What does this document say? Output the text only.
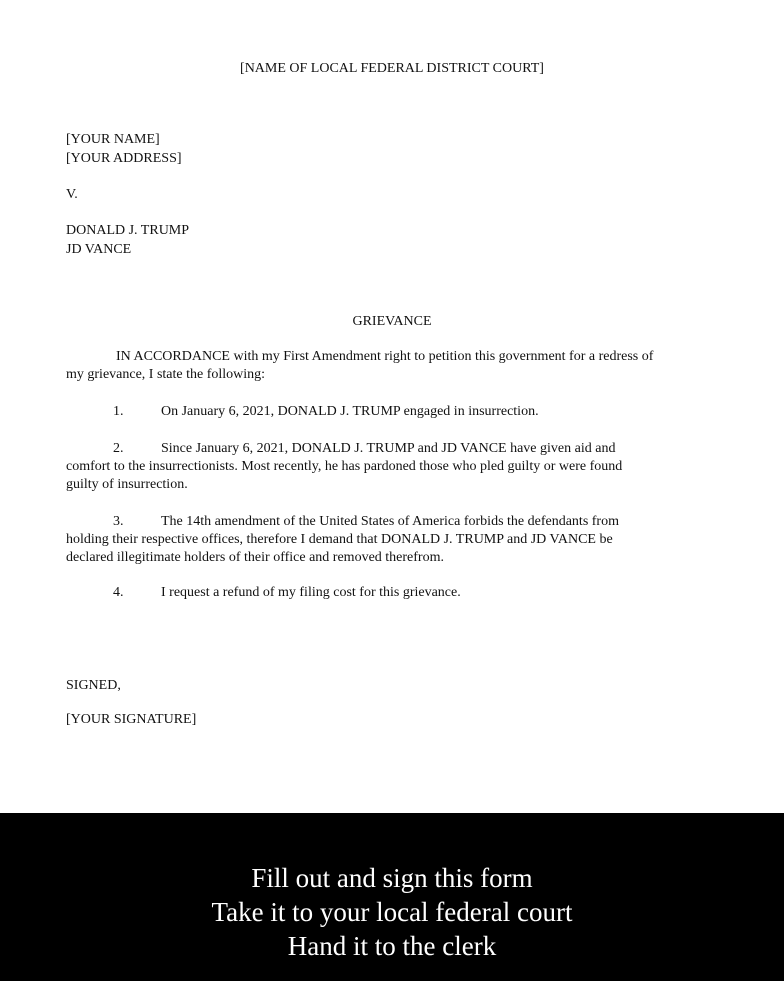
[NAME OF LOCAL FEDERAL DISTRICT COURT]
[YOUR NAME]
[YOUR ADDRESS]
V.
DONALD J. TRUMP
JD VANCE
GRIEVANCE
IN ACCORDANCE with my First Amendment right to petition this government for a redress of
my grievance, I state the following:
1.	On January 6, 2021, DONALD J. TRUMP engaged in insurrection.
2.	Since January 6, 2021, DONALD J. TRUMP and JD VANCE have given aid and
comfort to the insurrectionists. Most recently, he has pardoned those who pled guilty or were found
guilty of insurrection.
3.	The 14th amendment of the United States of America forbids the defendants from
holding their respective offices, therefore I demand that DONALD J. TRUMP and JD VANCE be
declared illegitimate holders of their office and removed therefrom.
4.	I request a refund of my filing cost for this grievance.
SIGNED,
[YOUR SIGNATURE]
Fill out and sign this form
Take it to your local federal court
Hand it to the clerk
